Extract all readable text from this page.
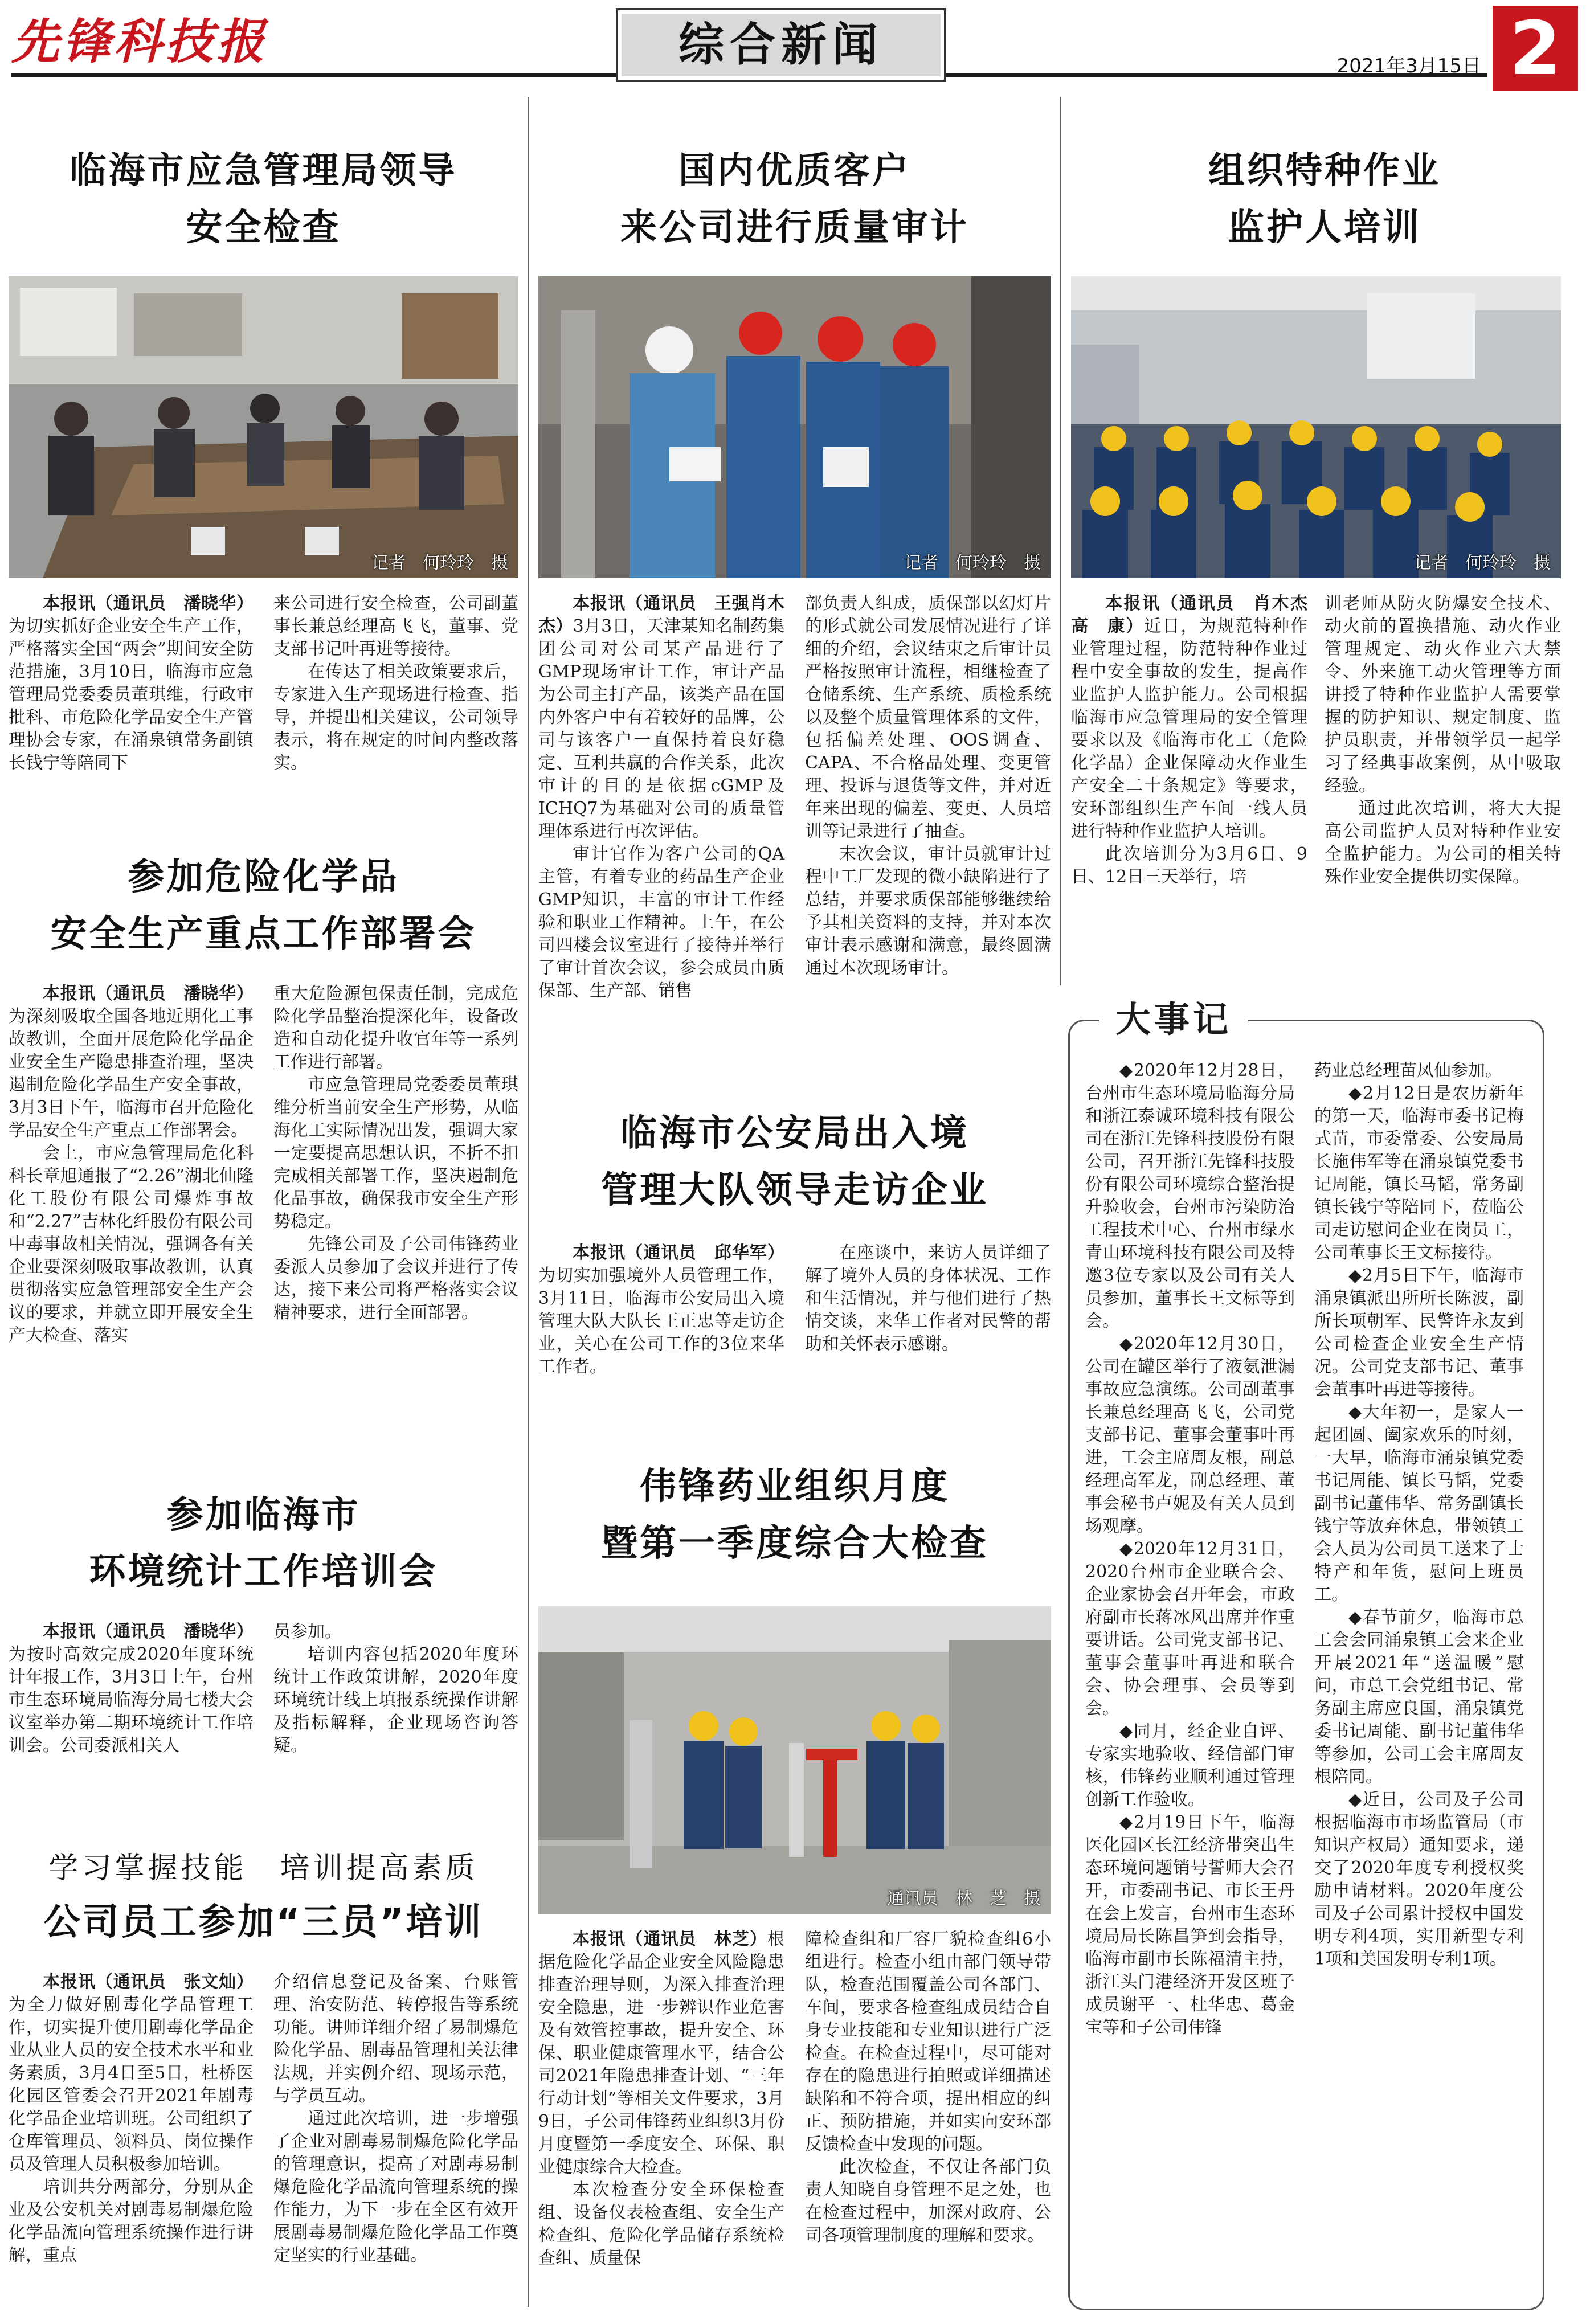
先锋科技报	综合新闻	2021年3月15日 2
临海市应急管理局领导
安全检查
记者　何玲玲　摄

本报讯（通讯员　潘晓华）为切实抓好企业安全生产工作，严格落实全国“两会”期间安全防范措施，3月10日，临海市应急管理局党委委员董琪维，行政审批科、市危险化学品安全生产管理协会专家，在涌泉镇常务副镇长钱宁等陪同下

来公司进行安全检查，公司副董事长兼总经理高飞飞，董事、党支部书记叶再进等接待。

在传达了相关政策要求后，专家进入生产现场进行检查、指导，并提出相关建议，公司领导表示，将在规定的时间内整改落实。

参加危险化学品
安全生产重点工作部署会

本报讯（通讯员　潘晓华）为深刻吸取全国各地近期化工事故教训，全面开展危险化学品企业安全生产隐患排查治理，坚决遏制危险化学品生产安全事故，3月3日下午，临海市召开危险化学品安全生产重点工作部署会。

会上，市应急管理局危化科科长章旭通报了“2.26”湖北仙隆化工股份有限公司爆炸事故和“2.27”吉林化纤股份有限公司中毒事故相关情况，强调各有关企业要深刻吸取事故教训，认真贯彻落实应急管理部安全生产会议的要求，并就立即开展安全生产大检查、落实

重大危险源包保责任制，完成危险化学品整治提深化年，设备改造和自动化提升收官年等一系列工作进行部署。

市应急管理局党委委员董琪维分析当前安全生产形势，从临海化工实际情况出发，强调大家一定要提高思想认识，不折不扣完成相关部署工作，坚决遏制危化品事故，确保我市安全生产形势稳定。

先锋公司及子公司伟锋药业委派人员参加了会议并进行了传达，接下来公司将严格落实会议精神要求，进行全面部署。

参加临海市
环境统计工作培训会

本报讯（通讯员　潘晓华）为按时高效完成2020年度环统计年报工作，3月3日上午，台州市生态环境局临海分局七楼大会议室举办第二期环境统计工作培训会。公司委派相关人

员参加。

培训内容包括2020年度环统计工作政策讲解，2020年度环境统计线上填报系统操作讲解及指标解释，企业现场咨询答疑。

学习掌握技能　培训提高素质
公司员工参加“三员”培训

本报讯（通讯员　张文灿）为全力做好剧毒化学品管理工作，切实提升使用剧毒化学品企业从业人员的安全技术水平和业务素质，3月4日至5日，杜桥医化园区管委会召开2021年剧毒化学品企业培训班。公司组织了仓库管理员、领料员、岗位操作员及管理人员积极参加培训。

培训共分两部分，分别从企业及公安机关对剧毒易制爆危险化学品流向管理系统操作进行讲解，重点

介绍信息登记及备案、台账管理、治安防范、转停报告等系统功能。讲师详细介绍了易制爆危险化学品、剧毒品管理相关法律法规，并实例介绍、现场示范，与学员互动。

通过此次培训，进一步增强了企业对剧毒易制爆危险化学品的管理意识，提高了对剧毒易制爆危险化学品流向管理系统的操作能力，为下一步在全区有效开展剧毒易制爆危险化学品工作奠定坚实的行业基础。

国内优质客户
来公司进行质量审计
记者　何玲玲　摄

本报讯（通讯员　王强肖木杰）3月3日，天津某知名制药集团公司对公司某产品进行了GMP现场审计工作，审计产品为公司主打产品，该类产品在国内外客户中有着较好的品牌，公司与该客户一直保持着良好稳定、互利共赢的合作关系，此次审计的目的是依据cGMP及ICHQ7为基础对公司的质量管理体系进行再次评估。

审计官作为客户公司的QA主管，有着专业的药品生产企业GMP知识，丰富的审计工作经验和职业工作精神。上午，在公司四楼会议室进行了接待并举行了审计首次会议，参会成员由质保部、生产部、销售

部负责人组成，质保部以幻灯片的形式就公司发展情况进行了详细的介绍，会议结束之后审计员严格按照审计流程，相继检查了仓储系统、生产系统、质检系统以及整个质量管理体系的文件，包括偏差处理、OOS调查、CAPA、不合格品处理、变更管理、投诉与退货等文件，并对近年来出现的偏差、变更、人员培训等记录进行了抽查。

末次会议，审计员就审计过程中工厂发现的微小缺陷进行了总结，并要求质保部能够继续给予其相关资料的支持，并对本次审计表示感谢和满意，最终圆满通过本次现场审计。

临海市公安局出入境
管理大队领导走访企业

本报讯（通讯员　邱华军）为切实加强境外人员管理工作，3月11日，临海市公安局出入境管理大队大队长王正忠等走访企业，关心在公司工作的3位来华工作者。

在座谈中，来访人员详细了解了境外人员的身体状况、工作和生活情况，并与他们进行了热情交谈，来华工作者对民警的帮助和关怀表示感谢。

伟锋药业组织月度
暨第一季度综合大检查
通讯员　林　芝　摄

本报讯（通讯员　林芝）根据危险化学品企业安全风险隐患排查治理导则，为深入排查治理安全隐患，进一步辨识作业危害及有效管控事故，提升安全、环保、职业健康管理水平，结合公司2021年隐患排查计划、“三年行动计划”等相关文件要求，3月9日，子公司伟锋药业组织3月份月度暨第一季度安全、环保、职业健康综合大检查。

本次检查分安全环保检查组、设备仪表检查组、安全生产检查组、危险化学品储存系统检查组、质量保

障检查组和厂容厂貌检查组6小组进行。检查小组由部门领导带队，检查范围覆盖公司各部门、车间，要求各检查组成员结合自身专业技能和专业知识进行广泛检查。在检查过程中，尽可能对存在的隐患进行拍照或详细描述缺陷和不符合项，提出相应的纠正、预防措施，并如实向安环部反馈检查中发现的问题。

此次检查，不仅让各部门负责人知晓自身管理不足之处，也在检查过程中，加深对政府、公司各项管理制度的理解和要求。

组织特种作业
监护人培训
记者　何玲玲　摄

本报讯（通讯员　肖木杰　高　康）近日，为规范特种作业管理过程，防范特种作业过程中安全事故的发生，提高作业监护人监护能力。公司根据临海市应急管理局的安全管理要求以及《临海市化工（危险化学品）企业保障动火作业生产安全二十条规定》等要求，安环部组织生产车间一线人员进行特种作业监护人培训。

此次培训分为3月6日、9日、12日三天举行，培

训老师从防火防爆安全技术、动火前的置换措施、动火作业管理规定、动火作业六大禁令、外来施工动火管理等方面讲授了特种作业监护人需要掌握的防护知识、规定制度、监护员职责，并带领学员一起学习了经典事故案例，从中吸取经验。

通过此次培训，将大大提高公司监护人员对特种作业安全监护能力。为公司的相关特殊作业安全提供切实保障。

大事记

◆2020年12月28日，台州市生态环境局临海分局和浙江泰诚环境科技有限公司在浙江先锋科技股份有限公司，召开浙江先锋科技股份有限公司环境综合整治提升验收会，台州市污染防治工程技术中心、台州市绿水青山环境科技有限公司及特邀3位专家以及公司有关人员参加，董事长王文标等到会。

◆2020年12月30日，公司在罐区举行了液氨泄漏事故应急演练。公司副董事长兼总经理高飞飞，公司党支部书记、董事会董事叶再进，工会主席周友根，副总经理高军龙，副总经理、董事会秘书卢妮及有关人员到场观摩。

◆2020年12月31日，2020台州市企业联合会、企业家协会召开年会，市政府副市长蒋冰风出席并作重要讲话。公司党支部书记、董事会董事叶再进和联合会、协会理事、会员等到会。

◆同月，经企业自评、专家实地验收、经信部门审核，伟锋药业顺利通过管理创新工作验收。

◆2月19日下午，临海医化园区长江经济带突出生态环境问题销号誓师大会召开，市委副书记、市长王丹在会上发言，台州市生态环境局局长陈昌笋到会指导，临海市副市长陈福清主持，浙江头门港经济开发区班子成员谢平一、杜华忠、葛金宝等和子公司伟锋

药业总经理苗凤仙参加。

◆2月12日是农历新年的第一天，临海市委书记梅式苗，市委常委、公安局局长施伟军等在涌泉镇党委书记周能，镇长马韬，常务副镇长钱宁等陪同下，莅临公司走访慰问企业在岗员工，公司董事长王文标接待。

◆2月5日下午，临海市涌泉镇派出所所长陈波，副所长项朝军、民警许永友到公司检查企业安全生产情况。公司党支部书记、董事会董事叶再进等接待。

◆大年初一，是家人一起团圆、阖家欢乐的时刻，一大早，临海市涌泉镇党委书记周能、镇长马韬，党委副书记董伟华、常务副镇长钱宁等放弃休息，带领镇工会人员为公司员工送来了士特产和年货，慰问上班员工。

◆春节前夕，临海市总工会会同涌泉镇工会来企业开展2021年“送温暖”慰问，市总工会党组书记、常务副主席应良国，涌泉镇党委书记周能、副书记董伟华等参加，公司工会主席周友根陪同。

◆近日，公司及子公司根据临海市市场监管局（市知识产权局）通知要求，递交了2020年度专利授权奖励申请材料。2020年度公司及子公司累计授权中国发明专利4项，实用新型专利1项和美国发明专利1项。
